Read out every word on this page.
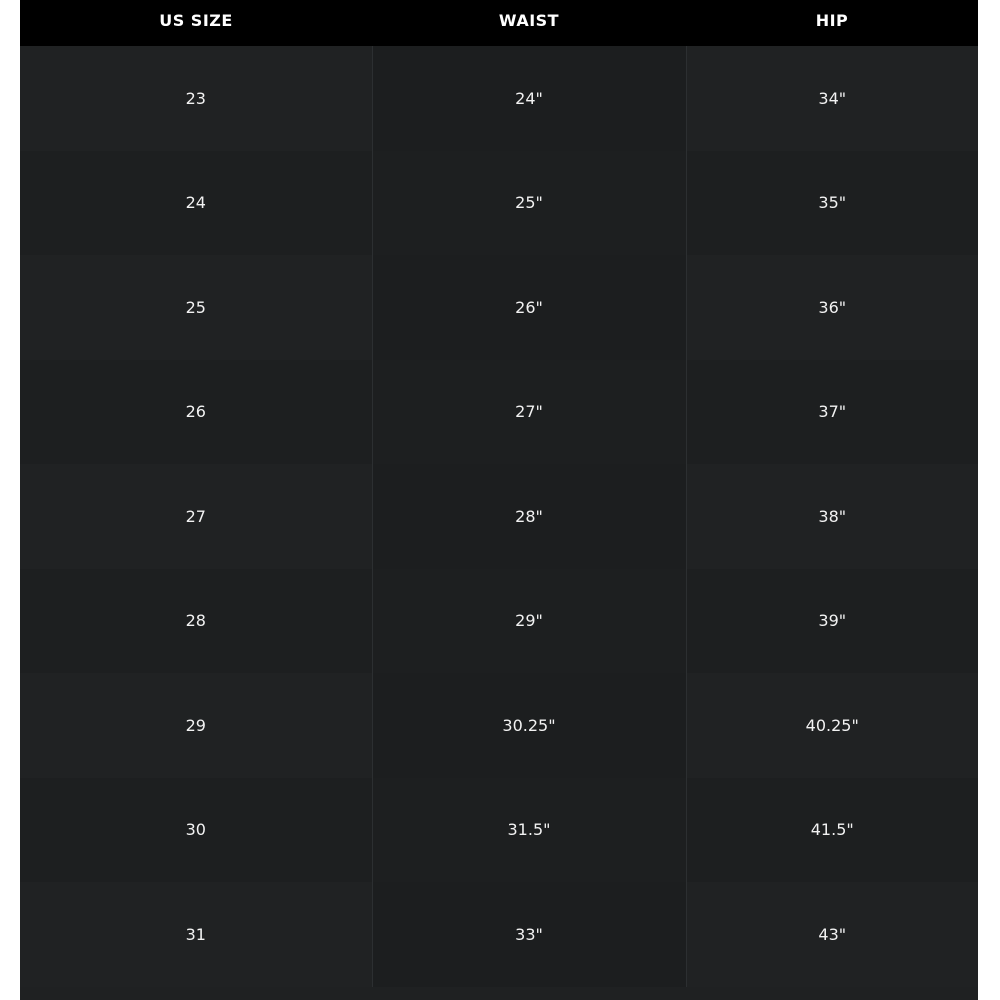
US SIZE	WAIST	HIP
23	24"	34"
24	25"	35"
25	26"	36"
26	27"	37"
27	28"	38"
28	29"	39"
29	30.25"	40.25"
30	31.5"	41.5"
31	33"	43"
